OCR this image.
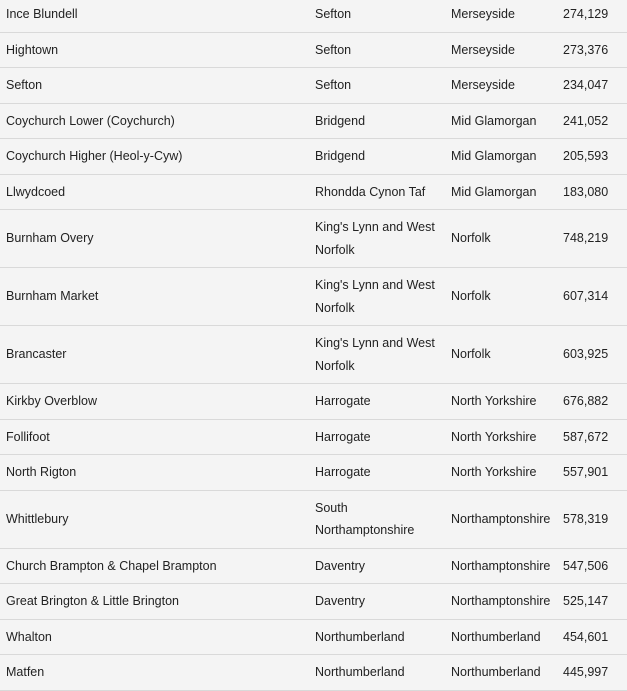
Ince Blundell	Sefton	Merseyside	274,129
Hightown	Sefton	Merseyside	273,376
Sefton	Sefton	Merseyside	234,047
Coychurch Lower (Coychurch)	Bridgend	Mid Glamorgan	241,052
Coychurch Higher (Heol-y-Cyw)	Bridgend	Mid Glamorgan	205,593
Llwydcoed	Rhondda Cynon Taf	Mid Glamorgan	183,080
Burnham Overy	King's Lynn and West Norfolk	Norfolk	748,219
Burnham Market	King's Lynn and West Norfolk	Norfolk	607,314
Brancaster	King's Lynn and West Norfolk	Norfolk	603,925
Kirkby Overblow	Harrogate	North Yorkshire	676,882
Follifoot	Harrogate	North Yorkshire	587,672
North Rigton	Harrogate	North Yorkshire	557,901
Whittlebury	South Northamptonshire	Northamptonshire	578,319
Church Brampton & Chapel Brampton	Daventry	Northamptonshire	547,506
Great Brington & Little Brington	Daventry	Northamptonshire	525,147
Whalton	Northumberland	Northumberland	454,601
Matfen	Northumberland	Northumberland	445,997
